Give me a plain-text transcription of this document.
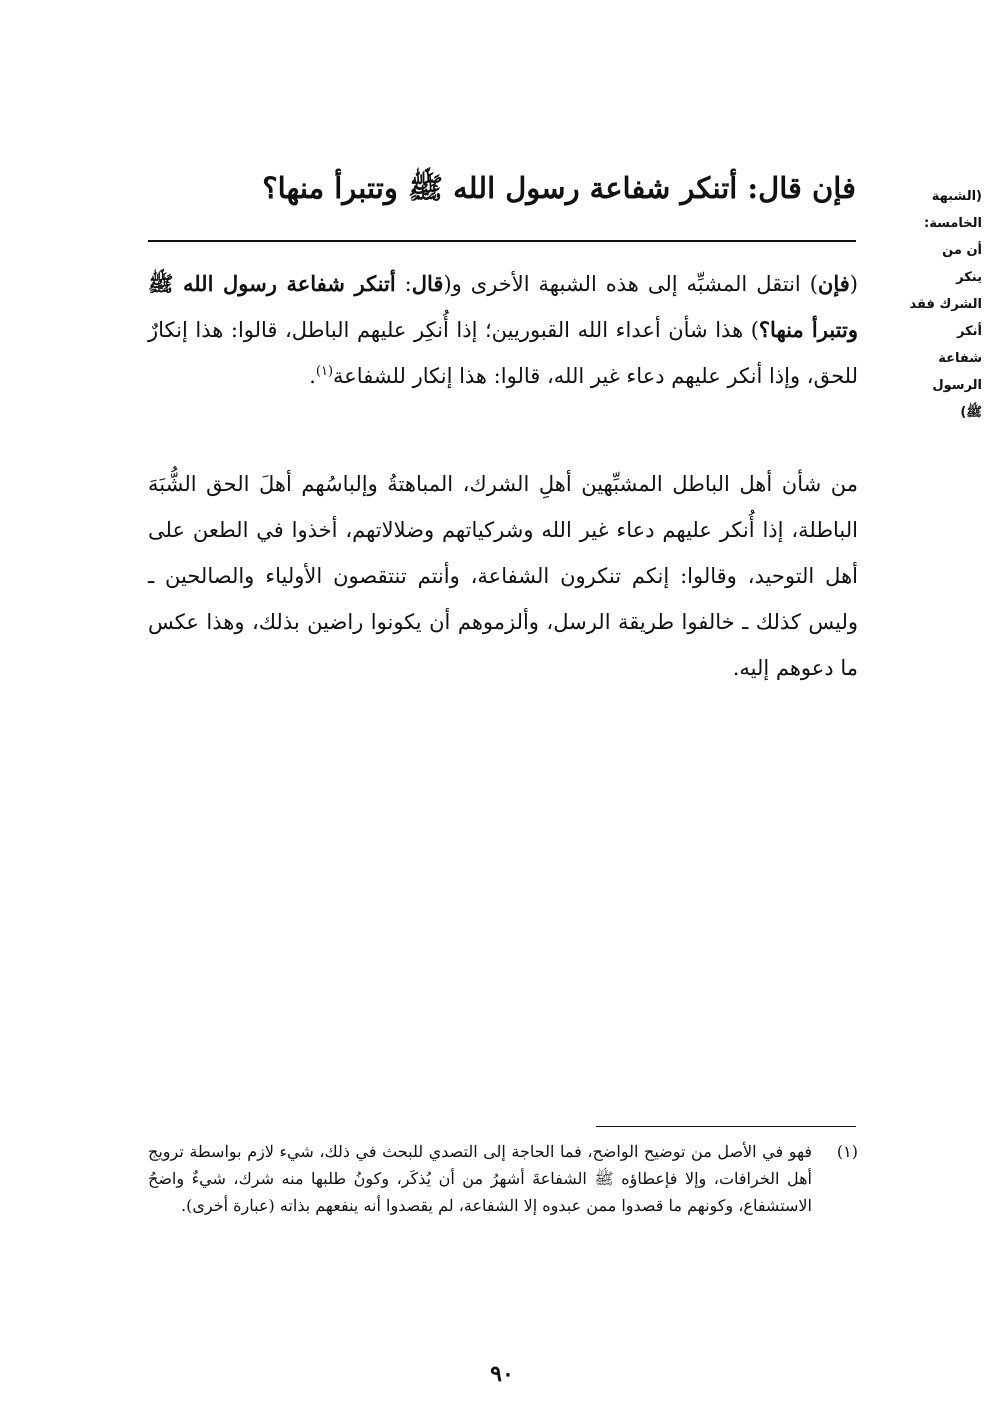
فإن قال: أتنكر شفاعة رسول الله ﷺ وتتبرأ منها؟	(الشبهة
الخامسة:
أن من
ينكر
الشرك فقد
أنكر
شفاعة
الرسول
ﷺ)
(فإن) انتقل المشبِّه إلى هذه الشبهة الأخرى و(قال: أتنكر شفاعة رسول الله ﷺ وتتبرأ منها؟) هذا شأن أعداء الله القبوريين؛ إذا أُنكِر عليهم الباطل، قالوا: هذا إنكارٌ للحق، وإذا أنكر عليهم دعاء غير الله، قالوا: هذا إنكار للشفاعة$^{(١)}$.
من شأن أهل الباطل المشبِّهين أهلِ الشرك، المباهتةُ وإلباسُهم أهلَ الحق الشُّبَهَ الباطلة، إذا أُنكر عليهم دعاء غير الله وشركياتهم وضلالاتهم، أخذوا في الطعن على أهل التوحيد، وقالوا: إنكم تنكرون الشفاعة، وأنتم تنتقصون الأولياء والصالحين ـ وليس كذلك ـ خالفوا طريقة الرسل، وألزموهم أن يكونوا راضين بذلك، وهذا عكس ما دعوهم إليه.
(١)
فهو في الأصل من توضيح الواضح، فما الحاجة إلى التصدي للبحث في ذلك، شيء لازم بواسطة ترويج أهل الخرافات، وإلا فإعطاؤه ﷺ الشفاعةَ أشهرُ من أن يُذكَر، وكونُ طلبها منه شرك، شيءٌ واضحُ الاستشفاع، وكونهم ما قصدوا ممن عبدوه إلا الشفاعة، لم يقصدوا أنه ينفعهم بذاته (عبارة أخرى).
٩٠
